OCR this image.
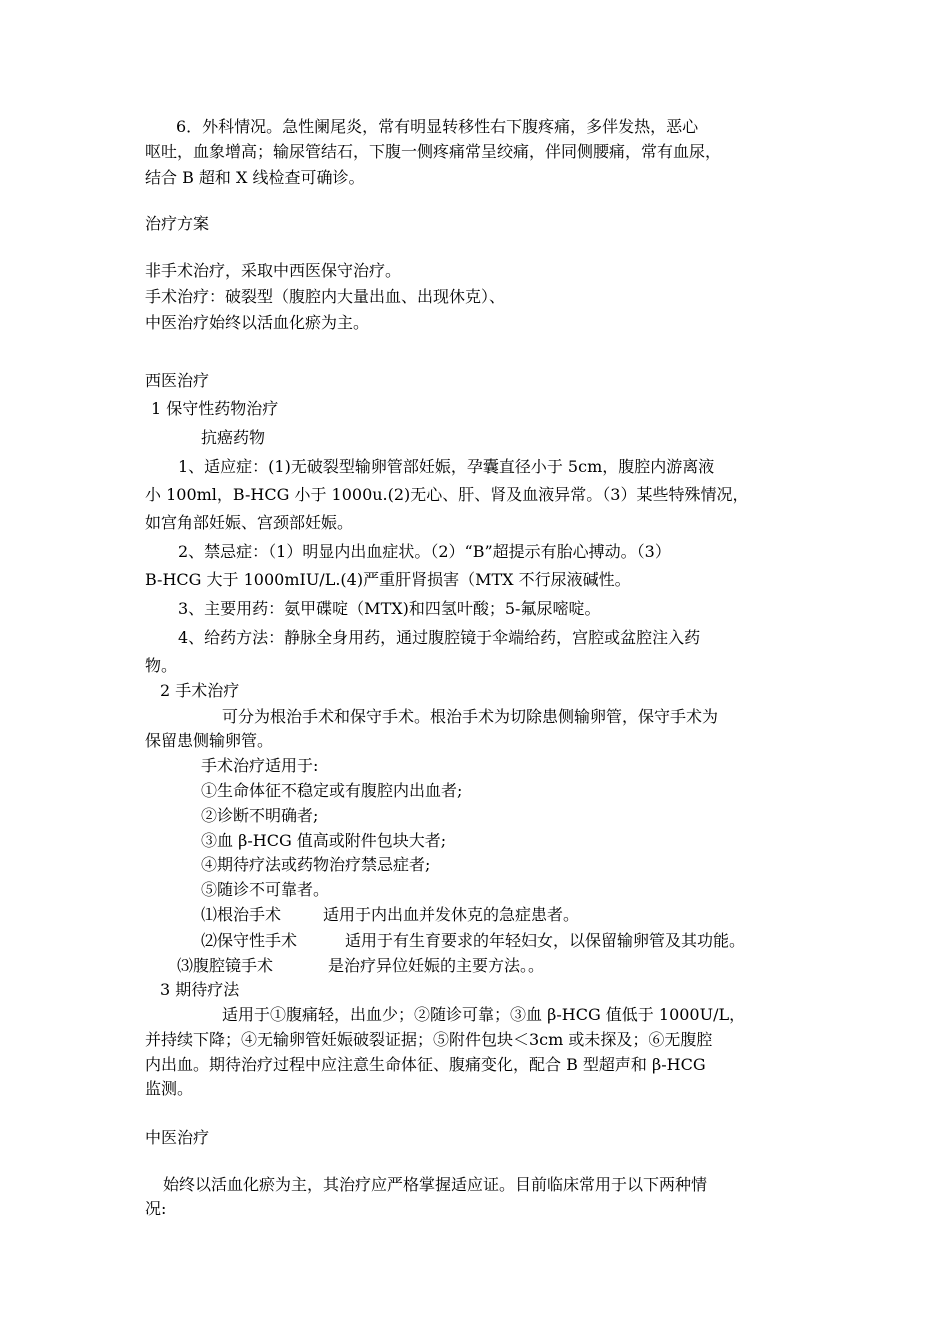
6．外科情况。急性阑尾炎，常有明显转移性右下腹疼痛，多伴发热，恶心
呕吐，血象增高；输尿管结石，下腹一侧疼痛常呈绞痛，伴同侧腰痛，常有血尿，
结合 B 超和 X 线检查可确诊。
治疗方案
非手术治疗，采取中西医保守治疗。
手术治疗：破裂型（腹腔内大量出血、出现休克）、
中医治疗始终以活血化瘀为主。
西医治疗
1 保守性药物治疗
抗癌药物
1、适应症：(1)无破裂型输卵管部妊娠，孕囊直径小于 5cm，腹腔内游离液
小 100ml，B-HCG 小于 1000u.(2)无心、肝、肾及血液异常。（3）某些特殊情况，
如宫角部妊娠、宫颈部妊娠。
2、禁忌症：（1）明显内出血症状。（2）“B”超提示有胎心搏动。（3）
B-HCG 大于 1000mIU/L.(4)严重肝肾损害（MTX 不行尿液碱性。
3、主要用药：氨甲碟啶（MTX)和四氢叶酸；5-氟尿嘧啶。
4、给药方法：静脉全身用药，通过腹腔镜于伞端给药，宫腔或盆腔注入药
物。
2 手术治疗
可分为根治手术和保守手术。根治手术为切除患侧输卵管，保守手术为
保留患侧输卵管。
手术治疗适用于:
①生命体征不稳定或有腹腔内出血者;
②诊断不明确者;
③血 β-HCG 值高或附件包块大者;
④期待疗法或药物治疗禁忌症者;
⑤随诊不可靠者。
⑴根治手术	适用于内出血并发休克的急症患者。
⑵保守性手术	适用于有生育要求的年轻妇女，以保留输卵管及其功能。
⑶腹腔镜手术	是治疗异位妊娠的主要方法。。
3 期待疗法
适用于①腹痛轻，出血少；②随诊可靠；③血 β-HCG 值低于 1000U/L，
并持续下降；④无输卵管妊娠破裂证据；⑤附件包块＜3cm 或未探及；⑥无腹腔
内出血。期待治疗过程中应注意生命体征、腹痛变化，配合 B 型超声和 β-HCG
监测。
中医治疗
始终以活血化瘀为主，其治疗应严格掌握适应证。目前临床常用于以下两种情
况:
